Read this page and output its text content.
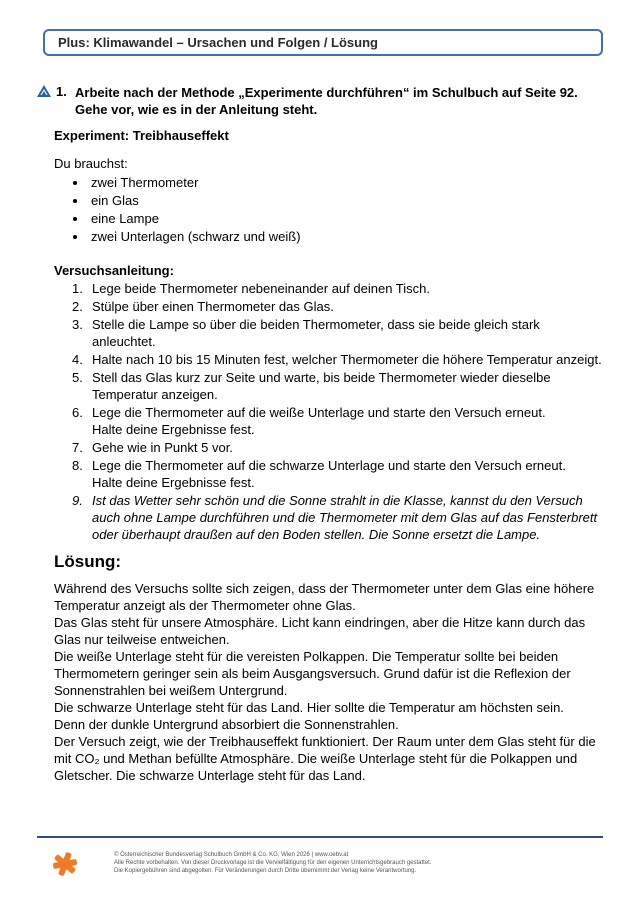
Plus: Klimawandel – Ursachen und Folgen / Lösung
1. Arbeite nach der Methode „Experimente durchführen“ im Schulbuch auf Seite 92.
Gehe vor, wie es in der Anleitung steht.
Experiment: Treibhauseffekt
Du brauchst:
zwei Thermometer
ein Glas
eine Lampe
zwei Unterlagen (schwarz und weiß)
Versuchsanleitung:
1. Lege beide Thermometer nebeneinander auf deinen Tisch.
2. Stülpe über einen Thermometer das Glas.
3. Stelle die Lampe so über die beiden Thermometer, dass sie beide gleich stark
anleuchtet.
4. Halte nach 10 bis 15 Minuten fest, welcher Thermometer die höhere Temperatur anzeigt.
5. Stell das Glas kurz zur Seite und warte, bis beide Thermometer wieder dieselbe
Temperatur anzeigen.
6. Lege die Thermometer auf die weiße Unterlage und starte den Versuch erneut.
Halte deine Ergebnisse fest.
7. Gehe wie in Punkt 5 vor.
8. Lege die Thermometer auf die schwarze Unterlage und starte den Versuch erneut.
Halte deine Ergebnisse fest.
9. Ist das Wetter sehr schön und die Sonne strahlt in die Klasse, kannst du den Versuch
auch ohne Lampe durchführen und die Thermometer mit dem Glas auf das Fensterbrett
oder überhaupt draußen auf den Boden stellen. Die Sonne ersetzt die Lampe.
Lösung:

Während des Versuchs sollte sich zeigen, dass der Thermometer unter dem Glas eine höhere

Temperatur anzeigt als der Thermometer ohne Glas.

Das Glas steht für unsere Atmosphäre. Licht kann eindringen, aber die Hitze kann durch das

Glas nur teilweise entweichen.

Die weiße Unterlage steht für die vereisten Polkappen. Die Temperatur sollte bei beiden

Thermometern geringer sein als beim Ausgangsversuch. Grund dafür ist die Reflexion der

Sonnenstrahlen bei weißem Untergrund.

Die schwarze Unterlage steht für das Land. Hier sollte die Temperatur am höchsten sein.

Denn der dunkle Untergrund absorbiert die Sonnenstrahlen.

Der Versuch zeigt, wie der Treibhauseffekt funktioniert. Der Raum unter dem Glas steht für die

mit CO₂ und Methan befüllte Atmosphäre. Die weiße Unterlage steht für die Polkappen und

Gletscher. Die schwarze Unterlage steht für das Land.

© Österreichischer Bundesverlag Schulbuch GmbH & Co. KG, Wien 2026 | www.oebv.at
Alle Rechte vorbehalten. Von dieser Druckvorlage ist die Vervielfältigung für den eigenen Unterrichtsgebrauch gestattet.
Die Kopiergebühren sind abgegolten. Für Veränderungen durch Dritte übernimmt der Verlag keine Verantwortung.
